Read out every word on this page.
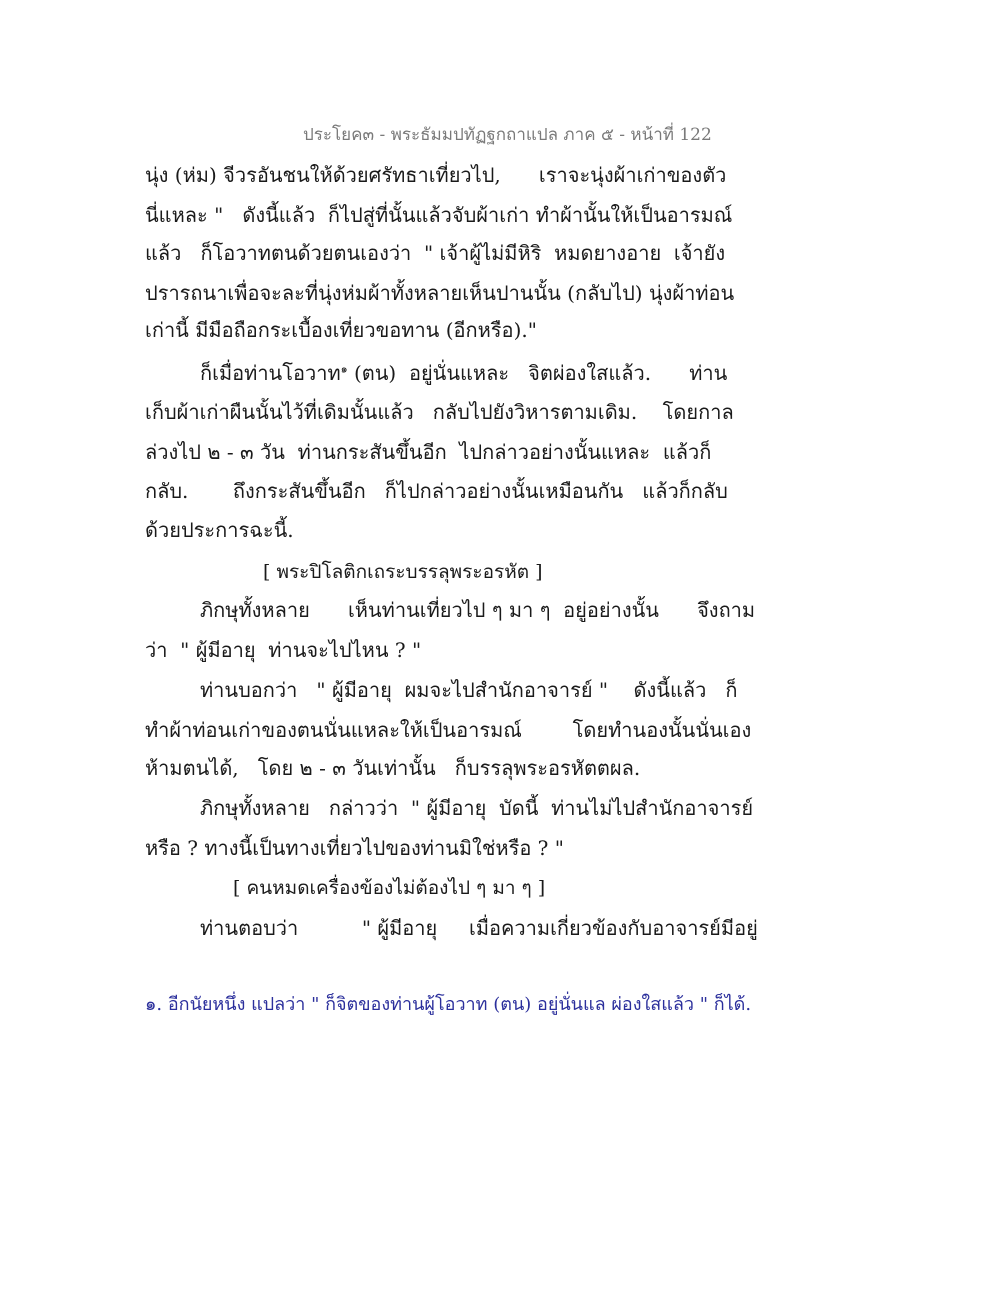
ประโยค๓ - พระธัมมปทัฏฐกถาแปล ภาค ๕ - หน้าที่ 122
นุ่ง (ห่ม) จีวรอันชนให้ด้วยศรัทธาเที่ยวไป,      เราจะนุ่งผ้าเก่าของตัว
นี่แหละ "   ดังนี้แล้ว  ก็ไปสู่ที่นั้นแล้วจับผ้าเก่า ทำผ้านั้นให้เป็นอารมณ์
แล้ว   ก็โอวาทตนด้วยตนเองว่า  " เจ้าผู้ไม่มีหิริ  หมดยางอาย  เจ้ายัง
ปรารถนาเพื่อจะละที่นุ่งห่มผ้าทั้งหลายเห็นปานนั้น (กลับไป) นุ่งผ้าท่อน
เก่านี้ มีมือถือกระเบื้องเที่ยวขอทาน (อีกหรือ)."
ก็เมื่อท่านโอวาท$^๑$ (ตน)  อยู่นั่นแหละ   จิตผ่องใสแล้ว.      ท่าน
เก็บผ้าเก่าผืนนั้นไว้ที่เดิมนั้นแล้ว   กลับไปยังวิหารตามเดิม.    โดยกาล
ล่วงไป ๒ - ๓ วัน  ท่านกระสันขึ้นอีก  ไปกล่าวอย่างนั้นแหละ  แล้วก็
กลับ.       ถึงกระสันขึ้นอีก   ก็ไปกล่าวอย่างนั้นเหมือนกัน   แล้วก็กลับ
ด้วยประการฉะนี้.
[ พระปิโลติกเถระบรรลุพระอรหัต ]
ภิกษุทั้งหลาย      เห็นท่านเที่ยวไป ๆ มา ๆ  อยู่อย่างนั้น      จึงถาม
ว่า  " ผู้มีอายุ  ท่านจะไปไหน ? "
ท่านบอกว่า   " ผู้มีอายุ  ผมจะไปสำนักอาจารย์ "    ดังนี้แล้ว   ก็
ทำผ้าท่อนเก่าของตนนั่นแหละให้เป็นอารมณ์        โดยทำนองนั้นนั่นเอง
ห้ามตนได้,   โดย ๒ - ๓ วันเท่านั้น   ก็บรรลุพระอรหัตตผล.
ภิกษุทั้งหลาย   กล่าวว่า  " ผู้มีอายุ  บัดนี้  ท่านไม่ไปสำนักอาจารย์
หรือ ? ทางนี้เป็นทางเที่ยวไปของท่านมิใช่หรือ ? "
[ คนหมดเครื่องข้องไม่ต้องไป ๆ มา ๆ ]
ท่านตอบว่า          " ผู้มีอายุ     เมื่อความเกี่ยวข้องกับอาจารย์มีอยู่
๑. อีกนัยหนึ่ง แปลว่า " ก็จิตของท่านผู้โอวาท (ตน) อยู่นั่นแล ผ่องใสแล้ว " ก็ได้.
